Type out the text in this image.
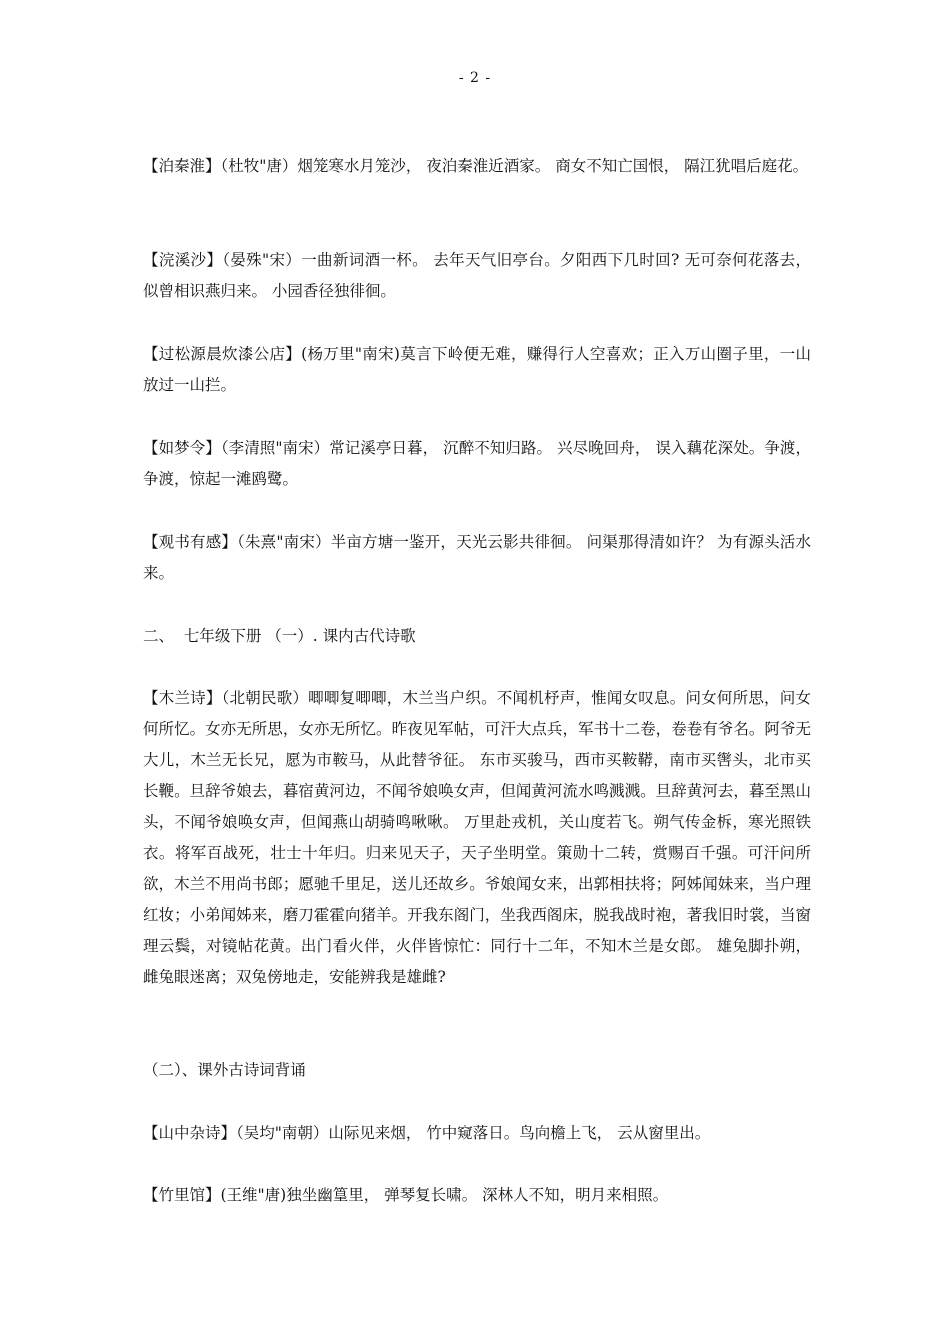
- 2 -

【泊秦淮】（杜牧"唐）烟笼寒水月笼沙， 夜泊秦淮近酒家。 商女不知亡国恨， 隔江犹唱后庭花。

【浣溪沙】（晏殊"宋）一曲新词酒一杯。 去年天气旧亭台。夕阳西下几时回? 无可奈何花落去， 似曾相识燕归来。 小园香径独徘徊。

【过松源晨炊漆公店】(杨万里"南宋)莫言下岭便无难，赚得行人空喜欢；正入万山圈子里，一山放过一山拦。

【如梦令】（李清照"南宋）常记溪亭日暮， 沉醉不知归路。 兴尽晚回舟， 误入藕花深处。争渡，争渡，惊起一滩鸥鹭。

【观书有感】（朱熹"南宋）半亩方塘一鉴开，天光云影共徘徊。 问渠那得清如许？ 为有源头活水来。

二、  七年级下册 （一）. 课内古代诗歌

【木兰诗】（北朝民歌）唧唧复唧唧，木兰当户织。不闻机杼声，惟闻女叹息。问女何所思，问女何所忆。女亦无所思，女亦无所忆。昨夜见军帖，可汗大点兵，军书十二卷，卷卷有爷名。阿爷无大儿，木兰无长兄，愿为市鞍马，从此替爷征。 东市买骏马，西市买鞍鞯，南市买辔头，北市买长鞭。旦辞爷娘去，暮宿黄河边，不闻爷娘唤女声，但闻黄河流水鸣溅溅。旦辞黄河去，暮至黑山头，不闻爷娘唤女声，但闻燕山胡骑鸣啾啾。 万里赴戎机，关山度若飞。朔气传金柝，寒光照铁衣。将军百战死，壮士十年归。归来见天子，天子坐明堂。策勋十二转，赏赐百千强。可汗问所欲，木兰不用尚书郎；愿驰千里足，送儿还故乡。爷娘闻女来，出郭相扶将；阿姊闻妹来，当户理红妆；小弟闻姊来，磨刀霍霍向猪羊。开我东阁门，坐我西阁床，脱我战时袍，著我旧时裳，当窗理云鬓，对镜帖花黄。出门看火伴，火伴皆惊忙：同行十二年，不知木兰是女郎。 雄兔脚扑朔，雌兔眼迷离；双兔傍地走，安能辨我是雄雌?

（二）、课外古诗词背诵

【山中杂诗】（吴均"南朝）山际见来烟， 竹中窥落日。鸟向檐上飞， 云从窗里出。

【竹里馆】(王维"唐)独坐幽篁里， 弹琴复长啸。 深林人不知，明月来相照。
